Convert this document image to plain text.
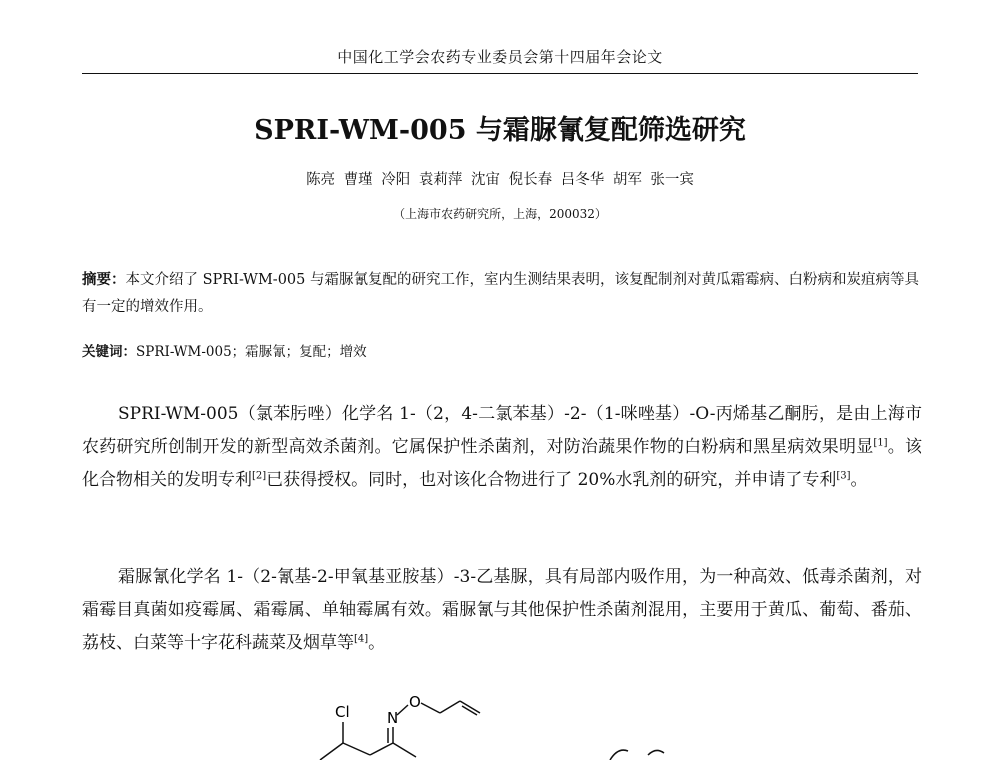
中国化工学会农药专业委员会第十四届年会论文
SPRI-WM-005 与霜脲氰复配筛选研究
陈亮 曹瑾 冷阳 袁莉萍 沈宙 倪长春 吕冬华 胡军 张一宾
（上海市农药研究所，上海，200032）
摘要：本文介绍了 SPRI-WM-005 与霜脲氰复配的研究工作，室内生测结果表明，该复配制剂对黄瓜霜霉病、白粉病和炭疽病等具有一定的增效作用。
关键词：SPRI-WM-005；霜脲氰；复配；增效

SPRI-WM-005（氯苯肟唑）化学名 1-（2，4-二氯苯基）-2-（1-咪唑基）-O-丙烯基乙酮肟，是由上海市农药研究所创制开发的新型高效杀菌剂。它属保护性杀菌剂，对防治蔬果作物的白粉病和黑星病效果明显[1]。该化合物相关的发明专利[2]已获得授权。同时，也对该化合物进行了 20%水乳剂的研究，并申请了专利[3]。

霜脲氰化学名 1-（2-氰基-2-甲氧基亚胺基）-3-乙基脲，具有局部内吸作用，为一种高效、低毒杀菌剂，对霜霉目真菌如疫霉属、霜霉属、单轴霉属有效。霜脲氰与其他保护性杀菌剂混用，主要用于黄瓜、葡萄、番茄、荔枝、白菜等十字花科蔬菜及烟草等[4]。

Cl N
O
